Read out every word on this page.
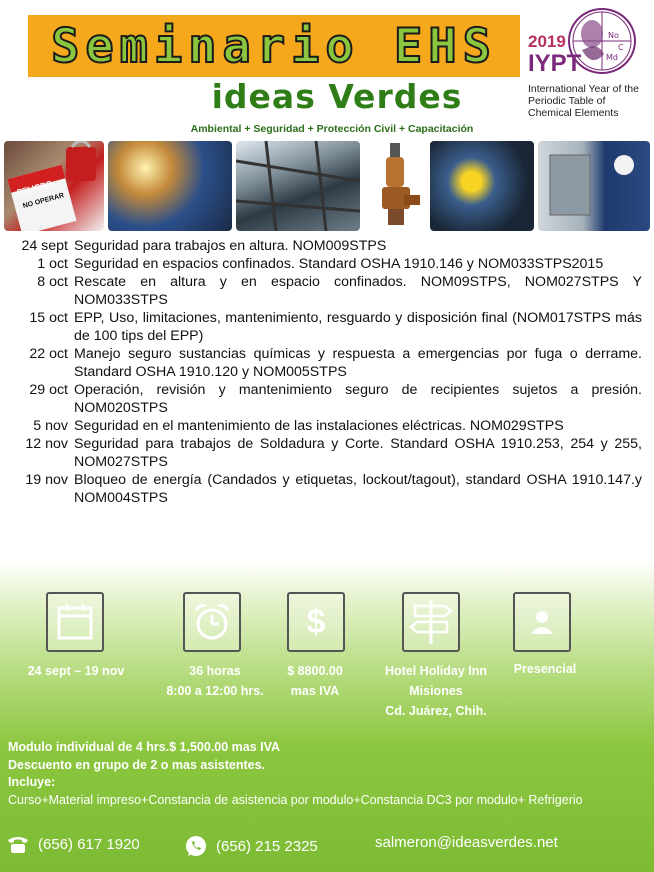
Seminario EHS	No
C
Md
2019
IYPT
International Year of the Periodic Table of Chemical Elements
ideas Verdes
Ambiental + Seguridad + Protección Civil + Capacitación
PELIGRO
NO OPERAR
24 sept Seguridad para trabajos en altura. NOM009STPS
1 oct Seguridad en espacios confinados. Standard OSHA 1910.146 y NOM033STPS2015
8 oct Rescate en altura y en espacio confinados. NOM09STPS, NOM027STPS Y NOM033STPS
15 oct EPP, Uso, limitaciones, mantenimiento, resguardo y disposición final (NOM017STPS más de 100 tips del EPP)
22 oct Manejo seguro sustancias químicas y respuesta a emergencias por fuga o derrame. Standard OSHA 1910.120 y NOM005STPS
29 oct Operación, revisión y mantenimiento seguro de recipientes sujetos a presión. NOM020STPS
5 nov Seguridad en el mantenimiento de las instalaciones eléctricas. NOM029STPS
12 nov Seguridad para trabajos de Soldadura y Corte. Standard OSHA 1910.253, 254 y 255, NOM027STPS
19 nov Bloqueo de energía (Candados y etiquetas, lockout/tagout), standard OSHA 1910.147.y NOM004STPS
$
24 sept – 19 nov	36 horas
8:00 a 12:00 hrs.
$ 8800.00
mas IVA
Hotel Holiday Inn
Misiones
Cd. Juárez, Chih.
Presencial
Modulo individual de 4 hrs.$ 1,500.00 mas IVA
Descuento en grupo de 2 o mas asistentes.
Incluye:
Curso+Material impreso+Constancia de asistencia por modulo+Constancia DC3 por modulo+ Refrigerio
(656) 617 1920	(656) 215 2325	salmeron@ideasverdes.net
